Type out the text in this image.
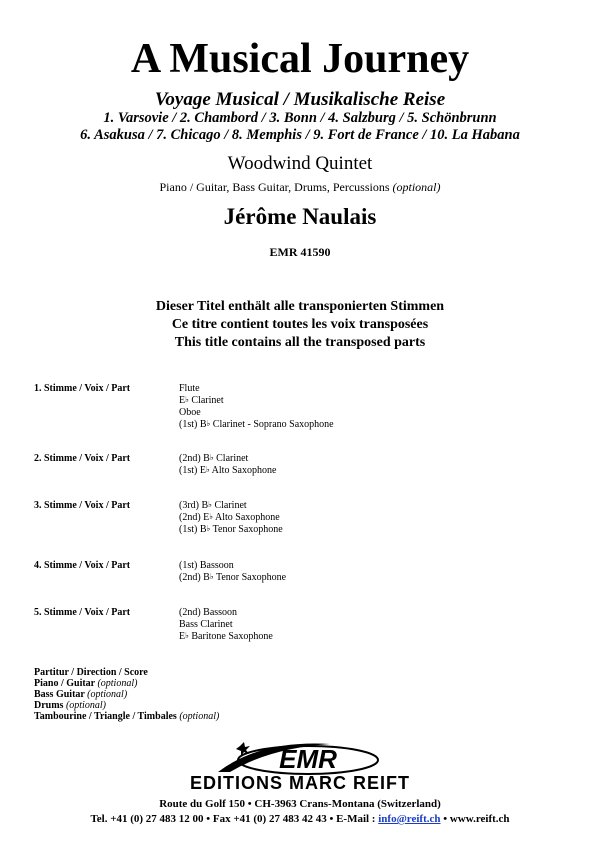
A Musical Journey
Voyage Musical / Musikalische Reise
1. Varsovie / 2. Chambord / 3. Bonn / 4. Salzburg / 5. Schönbrunn
6. Asakusa / 7. Chicago / 8. Memphis / 9. Fort de France / 10. La Habana
Woodwind Quintet
Piano / Guitar, Bass Guitar, Drums, Percussions (optional)
Jérôme Naulais
EMR 41590
Dieser Titel enthält alle transponierten Stimmen
Ce titre contient toutes les voix transposées
This title contains all the transposed parts
1. Stimme / Voix / Part	Flute
E♭ Clarinet
Oboe
(1st) B♭ Clarinet - Soprano Saxophone
2. Stimme / Voix / Part	(2nd) B♭ Clarinet
(1st) E♭ Alto Saxophone
3. Stimme / Voix / Part	(3rd) B♭ Clarinet
(2nd) E♭ Alto Saxophone
(1st) B♭ Tenor Saxophone
4. Stimme / Voix / Part	(1st) Bassoon
(2nd) B♭ Tenor Saxophone
5. Stimme / Voix / Part	(2nd) Bassoon
Bass Clarinet
E♭ Baritone Saxophone
Partitur / Direction / Score
Piano / Guitar (optional)
Bass Guitar (optional)
Drums (optional)
Tambourine / Triangle / Timbales (optional)
EMR
EDITIONS MARC REIFT
Route du Golf 150 • CH-3963 Crans-Montana (Switzerland)
Tel. +41 (0) 27 483 12 00 • Fax +41 (0) 27 483 42 43 • E-Mail : info@reift.ch • www.reift.ch
